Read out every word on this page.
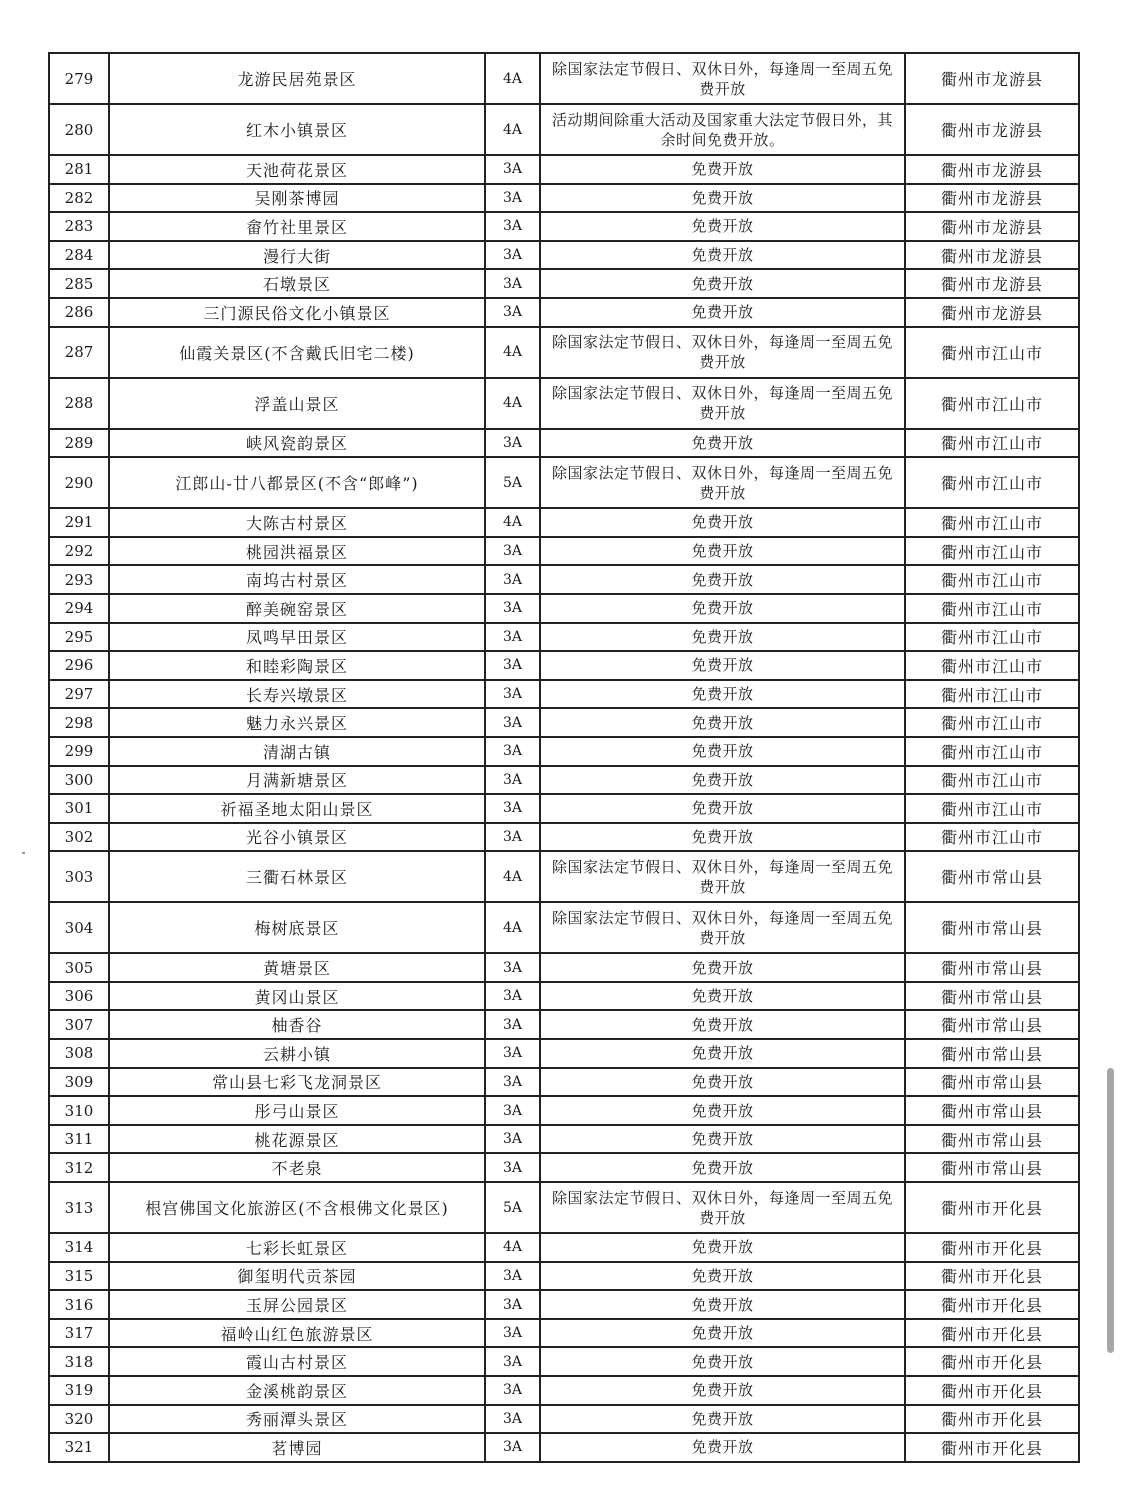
279	龙游民居苑景区	4A	除国家法定节假日、双休日外，每逢周一至周五免费开放	衢州市龙游县
280	红木小镇景区	4A	活动期间除重大活动及国家重大法定节假日外，其余时间免费开放。	衢州市龙游县
281	天池荷花景区	3A	免费开放	衢州市龙游县
282	吴刚茶博园	3A	免费开放	衢州市龙游县
283	畲竹社里景区	3A	免费开放	衢州市龙游县
284	漫行大街	3A	免费开放	衢州市龙游县
285	石墩景区	3A	免费开放	衢州市龙游县
286	三门源民俗文化小镇景区	3A	免费开放	衢州市龙游县
287	仙霞关景区(不含戴氏旧宅二楼)	4A	除国家法定节假日、双休日外，每逢周一至周五免费开放	衢州市江山市
288	浮盖山景区	4A	除国家法定节假日、双休日外，每逢周一至周五免费开放	衢州市江山市
289	峡风瓷韵景区	3A	免费开放	衢州市江山市
290	江郎山-廿八都景区(不含“郎峰”)	5A	除国家法定节假日、双休日外，每逢周一至周五免费开放	衢州市江山市
291	大陈古村景区	4A	免费开放	衢州市江山市
292	桃园洪福景区	3A	免费开放	衢州市江山市
293	南坞古村景区	3A	免费开放	衢州市江山市
294	醉美碗窑景区	3A	免费开放	衢州市江山市
295	凤鸣早田景区	3A	免费开放	衢州市江山市
296	和睦彩陶景区	3A	免费开放	衢州市江山市
297	长寿兴墩景区	3A	免费开放	衢州市江山市
298	魅力永兴景区	3A	免费开放	衢州市江山市
299	清湖古镇	3A	免费开放	衢州市江山市
300	月满新塘景区	3A	免费开放	衢州市江山市
301	祈福圣地太阳山景区	3A	免费开放	衢州市江山市
302	光谷小镇景区	3A	免费开放	衢州市江山市
303	三衢石林景区	4A	除国家法定节假日、双休日外，每逢周一至周五免费开放	衢州市常山县
304	梅树底景区	4A	除国家法定节假日、双休日外，每逢周一至周五免费开放	衢州市常山县
305	黄塘景区	3A	免费开放	衢州市常山县
306	黄冈山景区	3A	免费开放	衢州市常山县
307	柚香谷	3A	免费开放	衢州市常山县
308	云耕小镇	3A	免费开放	衢州市常山县
309	常山县七彩飞龙洞景区	3A	免费开放	衢州市常山县
310	彤弓山景区	3A	免费开放	衢州市常山县
311	桃花源景区	3A	免费开放	衢州市常山县
312	不老泉	3A	免费开放	衢州市常山县
313	根宫佛国文化旅游区(不含根佛文化景区)	5A	除国家法定节假日、双休日外，每逢周一至周五免费开放	衢州市开化县
314	七彩长虹景区	4A	免费开放	衢州市开化县
315	御玺明代贡茶园	3A	免费开放	衢州市开化县
316	玉屏公园景区	3A	免费开放	衢州市开化县
317	福岭山红色旅游景区	3A	免费开放	衢州市开化县
318	霞山古村景区	3A	免费开放	衢州市开化县
319	金溪桃韵景区	3A	免费开放	衢州市开化县
320	秀丽潭头景区	3A	免费开放	衢州市开化县
321	茗博园	3A	免费开放	衢州市开化县
